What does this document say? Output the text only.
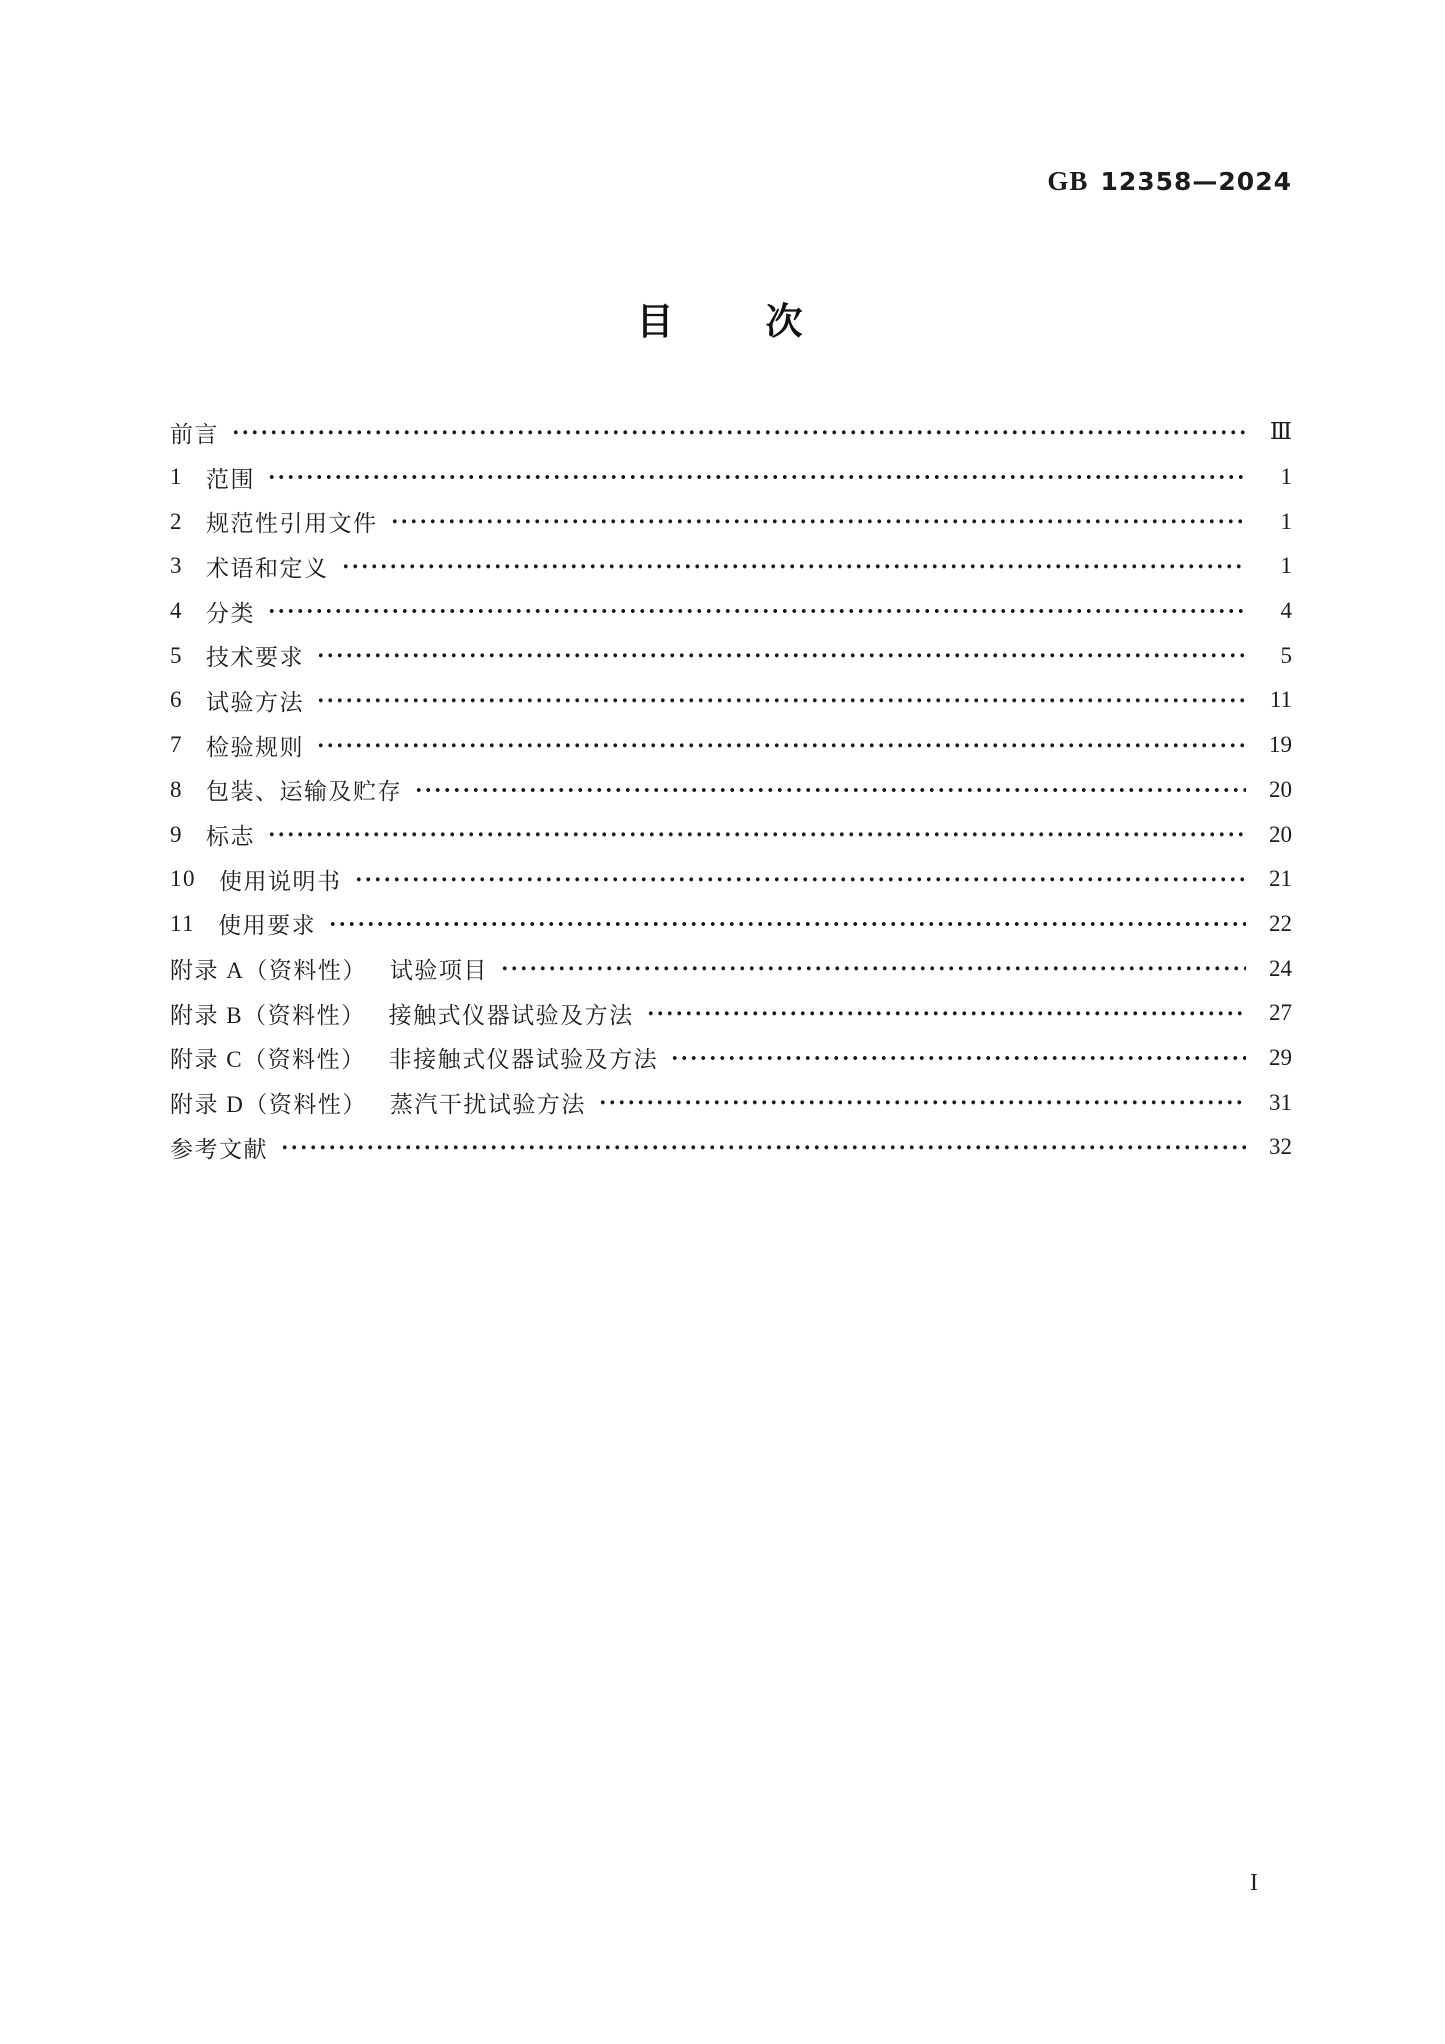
GB 12358—2024
目　　次
前言	Ⅲ
1 范围	1
2 规范性引用文件	1
3 术语和定义	1
4 分类	4
5 技术要求	5
6 试验方法	11
7 检验规则	19
8 包装、运输及贮存	20
9 标志	20
10 使用说明书	21
11 使用要求	22
附录 A（资料性） 试验项目	24
附录 B（资料性） 接触式仪器试验及方法	27
附录 C（资料性） 非接触式仪器试验及方法	29
附录 D（资料性） 蒸汽干扰试验方法	31
参考文献	32
I
